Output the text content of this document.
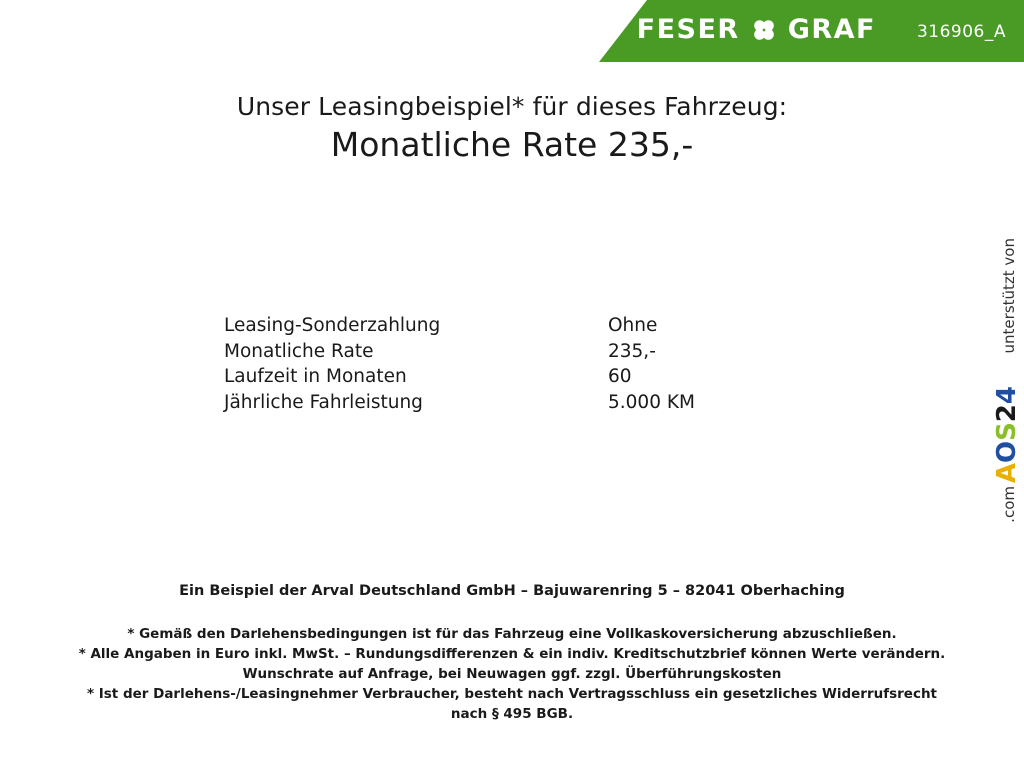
FESER GRAF 316906_A
Unser Leasingbeispiel* für dieses Fahrzeug:
Monatliche Rate 235,-
Leasing-Sonderzahlung	Ohne
Monatliche Rate	235,-
Laufzeit in Monaten	60
Jährliche Fahrleistung	5.000 KM
unterstützt von
AOS24
.com
Ein Beispiel der Arval Deutschland GmbH – Bajuwarenring 5 – 82041 Oberhaching
* Gemäß den Darlehensbedingungen ist für das Fahrzeug eine Vollkaskoversicherung abzuschließen.
* Alle Angaben in Euro inkl. MwSt. – Rundungsdifferenzen & ein indiv. Kreditschutzbrief können Werte verändern.
Wunschrate auf Anfrage, bei Neuwagen ggf. zzgl. Überführungskosten
* Ist der Darlehens-/Leasingnehmer Verbraucher, besteht nach Vertragsschluss ein gesetzliches Widerrufsrecht
nach § 495 BGB.
